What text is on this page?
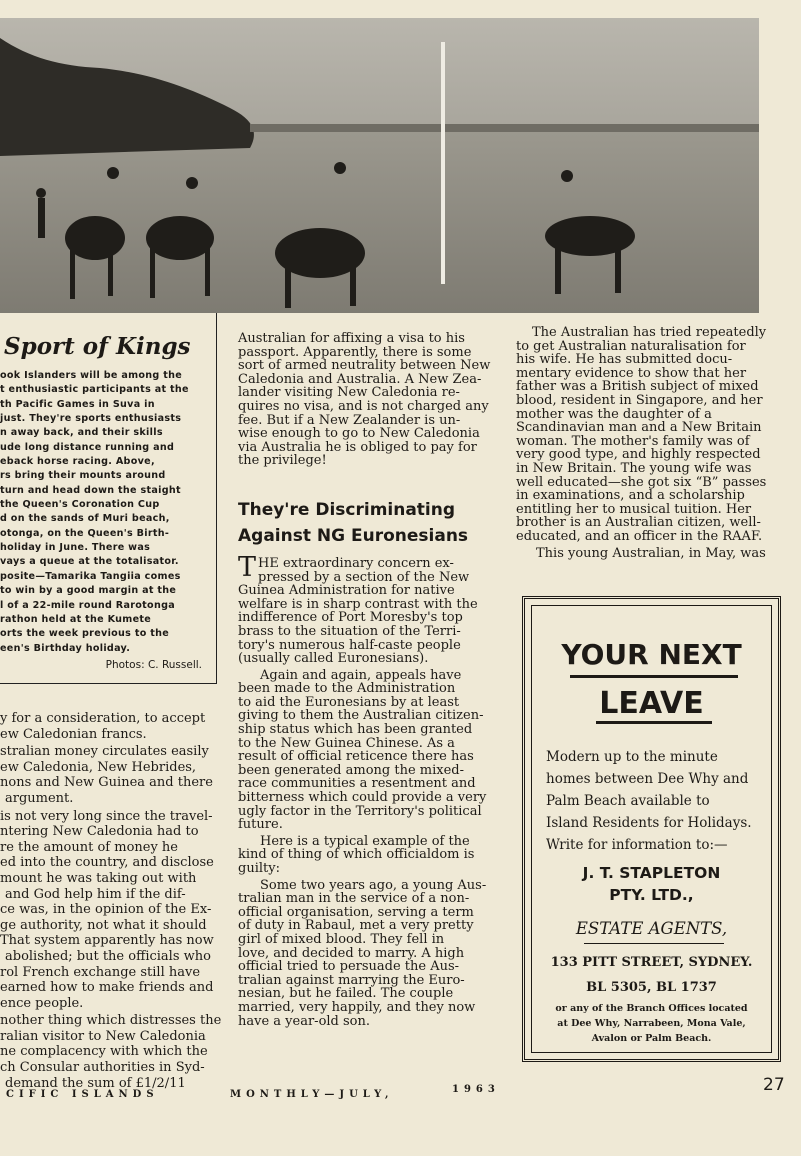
Sport of Kings
ook Islanders will be among the
t enthusiastic participants at the
th Pacific Games in Suva in
just. They're sports enthusiasts
n away back, and their skills
ude long distance running and
eback horse racing. Above,
rs bring their mounts around
turn and head down the staight
the Queen's Coronation Cup
d on the sands of Muri beach,
otonga, on the Queen's Birth-
holiday in June. There was
vays a queue at the totalisator.
posite—Tamarika Tangiia comes
to win by a good margin at the
l of a 22-mile round Rarotonga
rathon held at the Kumete
orts the week previous to the
een's Birthday holiday.
Photos: C. Russell.
y for a consideration, to accept
ew Caledonian francs.
stralian money circulates easily
ew Caledonia, New Hebrides,
nons and New Guinea and there
argument.
is not very long since the travel-
ntering New Caledonia had to
re the amount of money he
ed into the country, and disclose
mount he was taking out with
and God help him if the dif-
ce was, in the opinion of the Ex-
ge authority, not what it should
That system apparently has now
abolished; but the officials who
rol French exchange still have
earned how to make friends and
ence people.
nother thing which distresses the
ralian visitor to New Caledonia
ne complacency with which the
ch Consular authorities in Syd-
demand the sum of £1/2/11
Australian for affixing a visa to his
passport. Apparently, there is some
sort of armed neutrality between New
Caledonia and Australia. A New Zea-
lander visiting New Caledonia re-
quires no visa, and is not charged any
fee. But if a New Zealander is un-
wise enough to go to New Caledonia
via Australia he is obliged to pay for
the privilege!
They're Discriminating
Against NG Euronesians
T HE extraordinary concern ex-
pressed by a section of the New
Guinea Administration for native
welfare is in sharp contrast with the
indifference of Port Moresby's top
brass to the situation of the Terri-
tory's numerous half-caste people
(usually called Euronesians).
Again and again, appeals have
been made to the Administration
to aid the Euronesians by at least
giving to them the Australian citizen-
ship status which has been granted
to the New Guinea Chinese. As a
result of official reticence there has
been generated among the mixed-
race communities a resentment and
bitterness which could provide a very
ugly factor in the Territory's political
future.
Here is a typical example of the
kind of thing of which officialdom is
guilty:
Some two years ago, a young Aus-
tralian man in the service of a non-
official organisation, serving a term
of duty in Rabaul, met a very pretty
girl of mixed blood. They fell in
love, and decided to marry. A high
official tried to persuade the Aus-
tralian against marrying the Euro-
nesian, but he failed. The couple
married, very happily, and they now
have a year-old son.
The Australian has tried repeatedly
to get Australian naturalisation for
his wife. He has submitted docu-
mentary evidence to show that her
father was a British subject of mixed
blood, resident in Singapore, and her
mother was the daughter of a
Scandinavian man and a New Britain
woman. The mother's family was of
very good type, and highly respected
in New Britain. The young wife was
well educated—she got six “B” passes
in examinations, and a scholarship
entitling her to musical tuition. Her
brother is an Australian citizen, well-
educated, and an officer in the RAAF.
This young Australian, in May, was
YOUR NEXT
LEAVE
Modern up to the minute
homes between Dee Why and
Palm Beach available to
Island Residents for Holidays.
Write for information to:—
J. T. STAPLETON
PTY. LTD.,
ESTATE AGENTS,
133 PITT STREET, SYDNEY.
BL 5305, BL 1737
or any of the Branch Offices located
at Dee Why, Narrabeen, Mona Vale,
Avalon or Palm Beach.
CIFIC ISLANDS	MONTHLY—JULY,	1963	27
